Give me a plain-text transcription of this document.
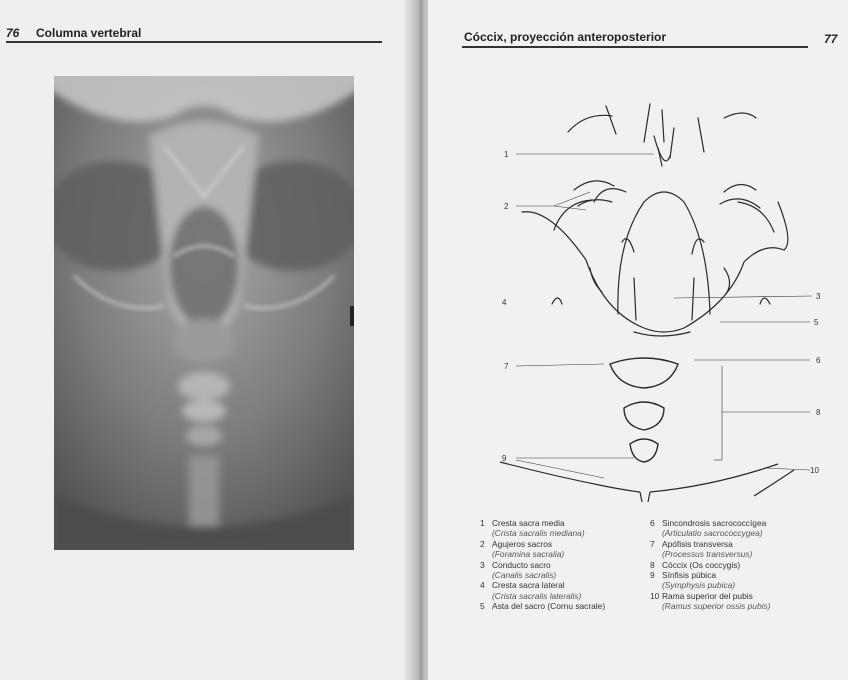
76 Columna vertebral	Cóccix, proyección anteroposterior	77
1
2
3
4
5
6
7
8
9
10
1 Cresta sacra media
(Crista sacralis mediana)
2 Agujeros sacros
(Foramina sacralia)
3 Conducto sacro
(Canalis sacralis)
4 Cresta sacra lateral
(Crista sacralis lateralis)
5 Asta del sacro (Cornu sacrale)
6 Sincondrosis sacrococcígea
(Articulatio sacrococcygea)
7 Apófisis transversa
(Processus transversus)
8 Cóccix (Os coccygis)
9 Sínfisis púbica
(Symphysis pubica)
10 Rama superior del pubis
(Ramus superior ossis pubis)
